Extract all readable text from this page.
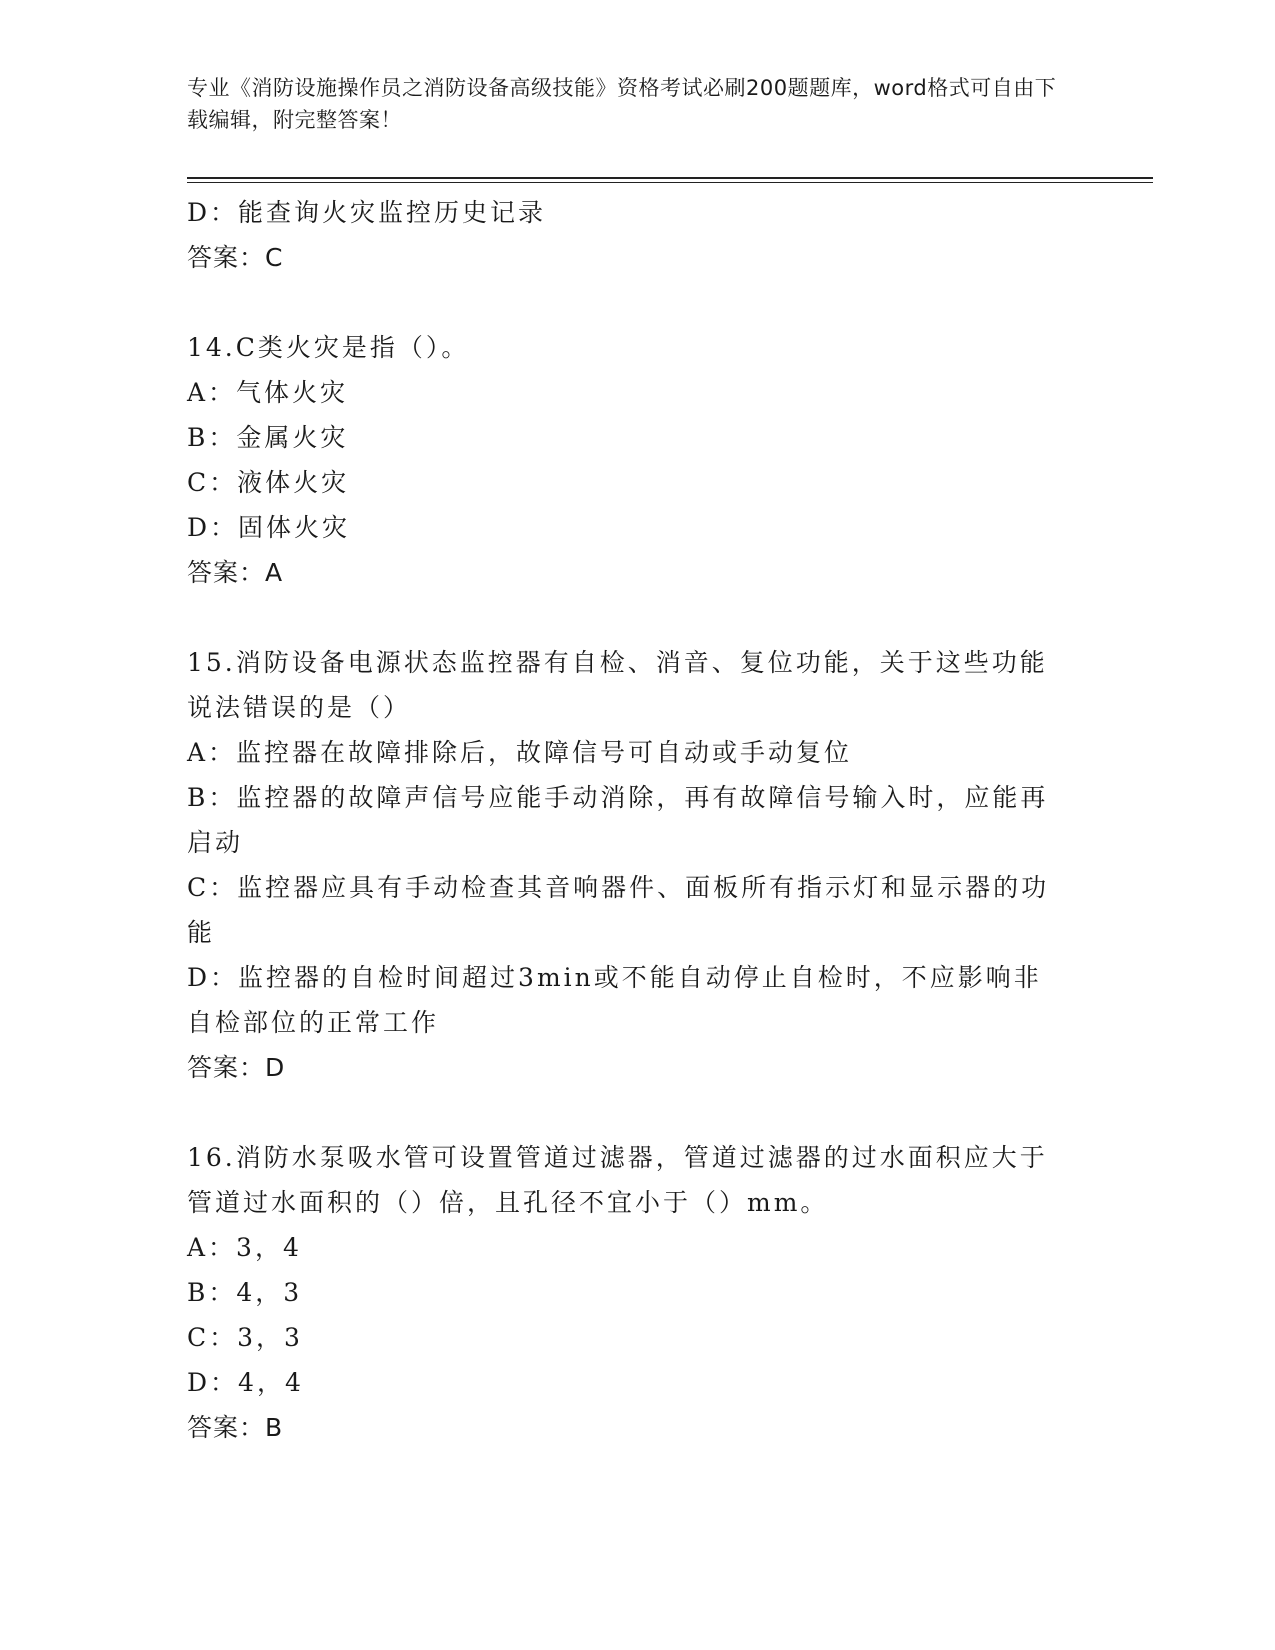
专业《消防设施操作员之消防设备高级技能》资格考试必刷200题题库，word格式可自由下载编辑，附完整答案！
D：能查询火灾监控历史记录
答案：C
14.C类火灾是指（）。
A：气体火灾
B：金属火灾
C：液体火灾
D：固体火灾
答案：A
15.消防设备电源状态监控器有自检、消音、复位功能，关于这些功能
说法错误的是（）
A：监控器在故障排除后，故障信号可自动或手动复位
B：监控器的故障声信号应能手动消除，再有故障信号输入时，应能再
启动
C：监控器应具有手动检查其音响器件、面板所有指示灯和显示器的功
能
D：监控器的自检时间超过3min或不能自动停止自检时，不应影响非
自检部位的正常工作
答案：D
16.消防水泵吸水管可设置管道过滤器，管道过滤器的过水面积应大于
管道过水面积的（）倍，且孔径不宜小于（）mm。
A：3，4
B：4，3
C：3，3
D：4，4
答案：B
